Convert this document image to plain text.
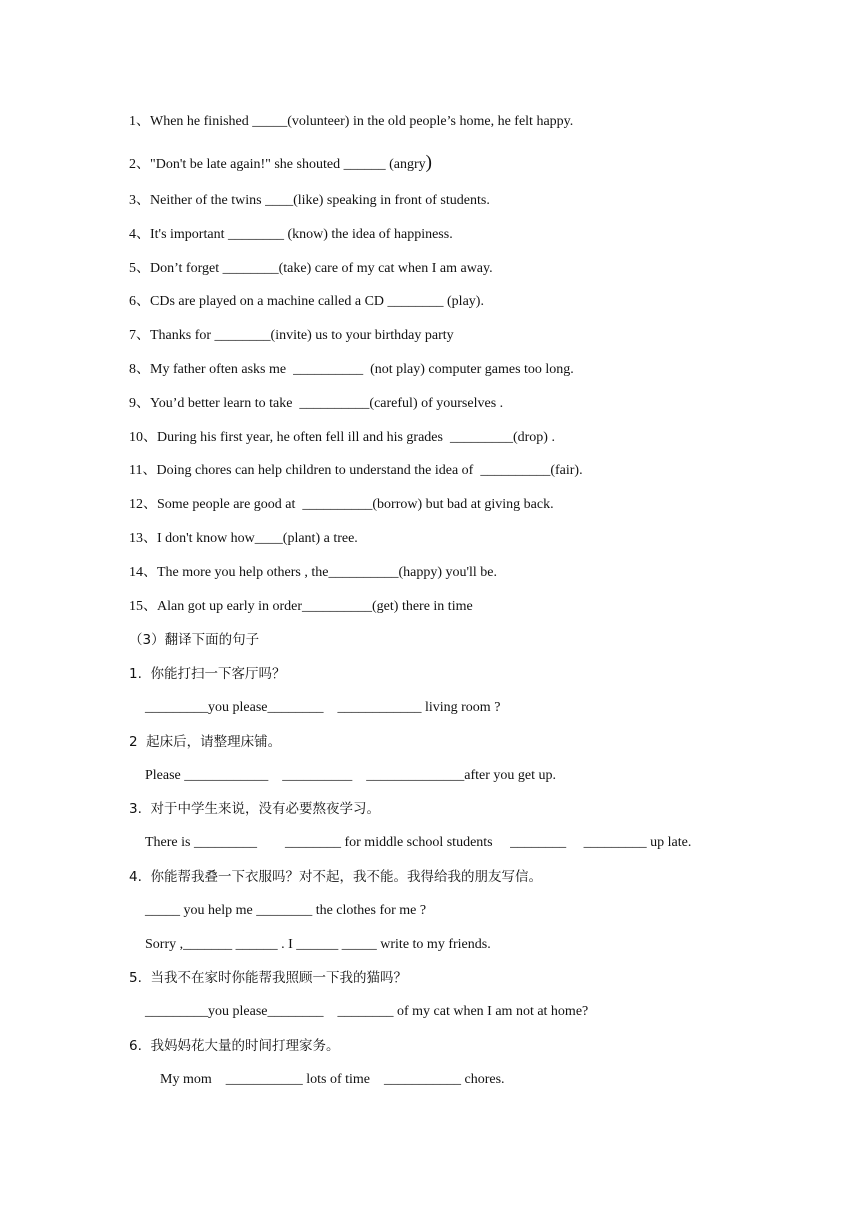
1、When he finished _____(volunteer) in the old people’s home, he felt happy.
2、"Don't be late again!" she shouted ______ (angry)
3、Neither of the twins ____(like) speaking in front of students.
4、It's important ________ (know) the idea of happiness.
5、Don’t forget ________(take) care of my cat when I am away.
6、CDs are played on a machine called a CD ________ (play).
7、Thanks for ________(invite) us to your birthday party
8、My father often asks me  __________  (not play) computer games too long.
9、You’d better learn to take  __________(careful) of yourselves .
10、During his first year, he often fell ill and his grades  _________(drop) .
11、Doing chores can help children to understand the idea of  __________(fair).
12、Some people are good at  __________(borrow) but bad at giving back.
13、I don't know how____(plant) a tree.
14、The more you help others , the__________(happy) you'll be.
15、Alan got up early in order__________(get) there in time
（3）翻译下面的句子
1.  你能打扫一下客厅吗？
_________you please________    ____________ living room ?
2  起床后，请整理床铺。
Please ____________    __________    ______________after you get up.
3.  对于中学生来说，没有必要熬夜学习。
There is _________        ________ for middle school students     ________     _________ up late.
4.  你能帮我叠一下衣服吗？对不起，我不能。我得给我的朋友写信。
_____ you help me ________ the clothes for me ?
Sorry ,_______ ______ . I ______ _____ write to my friends.
5.  当我不在家时你能帮我照顾一下我的猫吗？
_________you please________    ________ of my cat when I am not at home?
6.  我妈妈花大量的时间打理家务。
My mom    ___________ lots of time    ___________ chores.
